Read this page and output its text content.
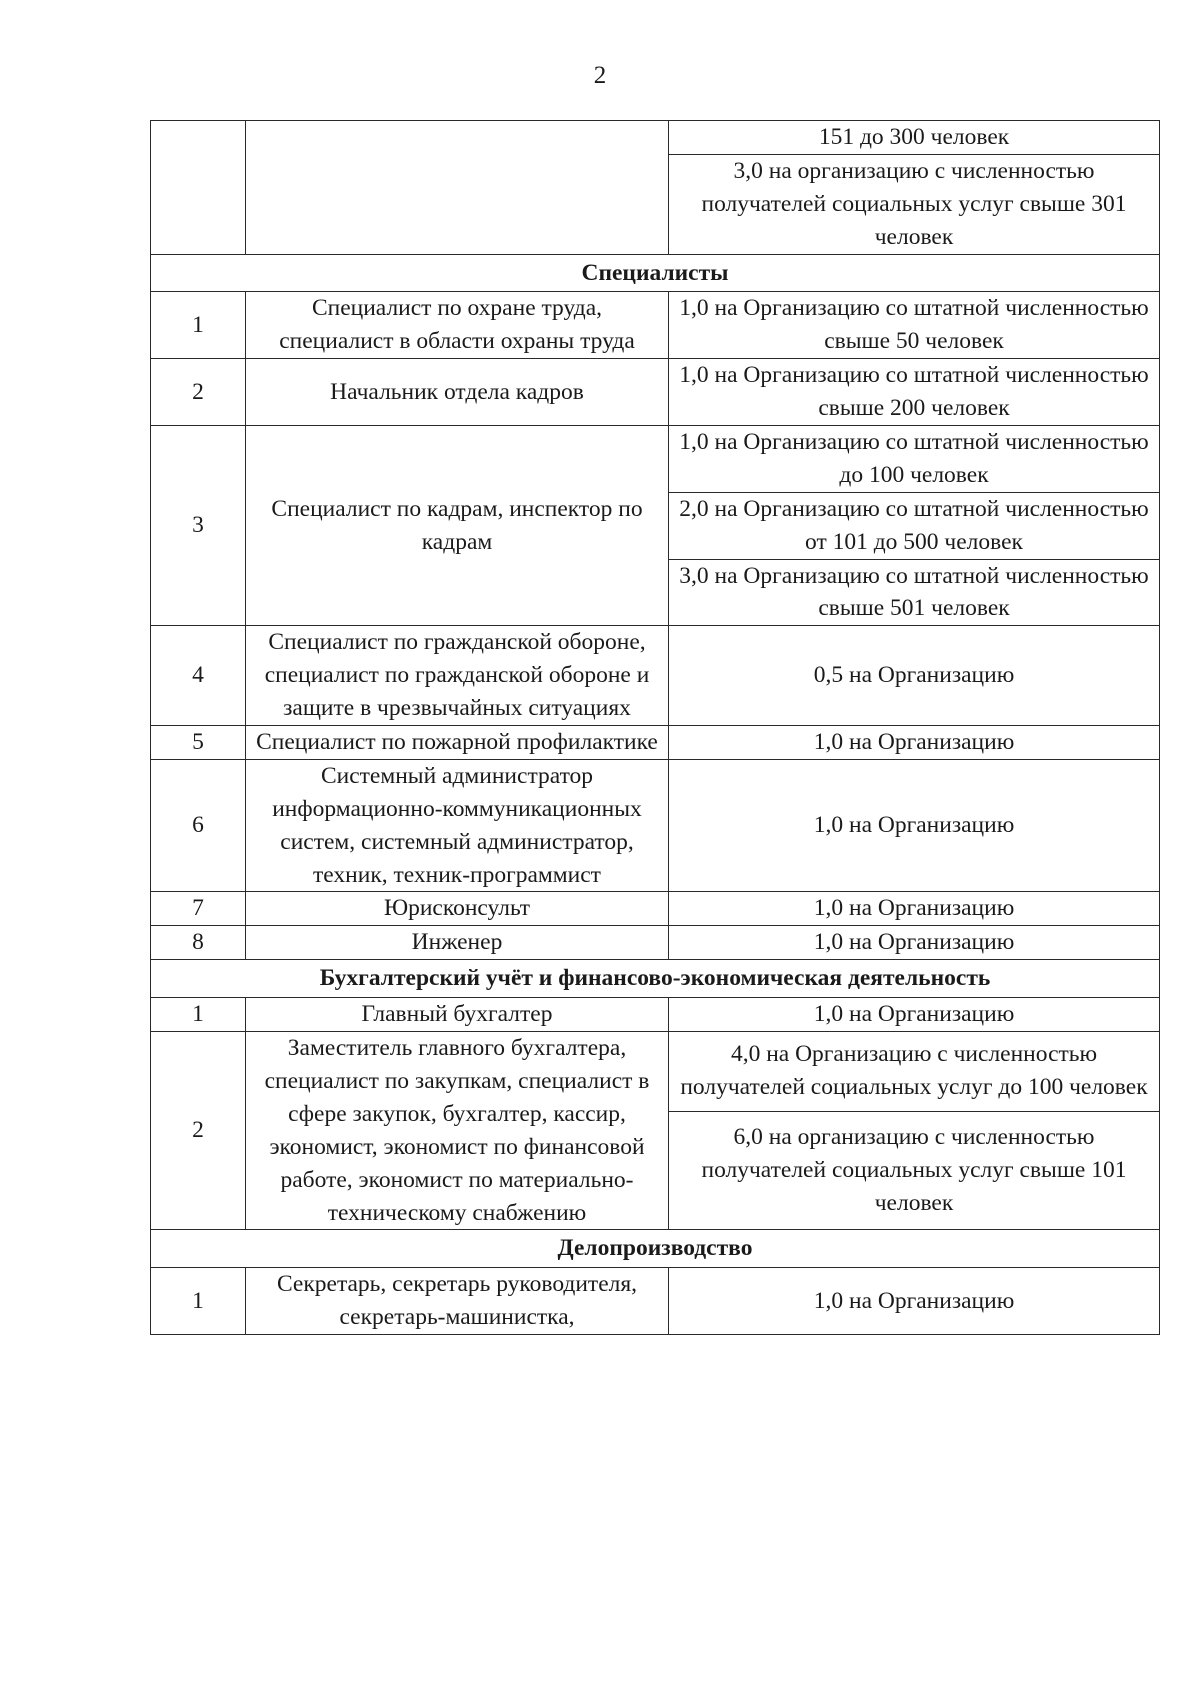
2
		151 до 300 человек
		3,0 на организацию с численностью получателей социальных услуг свыше 301 человек
Специалисты		
1	Специалист по охране труда, специалист в области охраны труда	1,0 на Организацию со штатной численностью свыше 50 человек
2	Начальник отдела кадров	1,0 на Организацию со штатной численностью свыше 200 человек
3	Специалист по кадрам, инспектор по кадрам	1,0 на Организацию со штатной численностью до 100 человек
		2,0 на Организацию со штатной численностью от 101 до 500 человек
		3,0 на Организацию со штатной численностью свыше 501 человек
4	Специалист по гражданской обороне, специалист по гражданской обороне и защите в чрезвычайных ситуациях	0,5 на Организацию
5	Специалист по пожарной профилактике	1,0 на Организацию
6	Системный администратор информационно-коммуникационных систем, системный администратор, техник, техник-программист	1,0 на Организацию
7	Юрисконсульт	1,0 на Организацию
8	Инженер	1,0 на Организацию
Бухгалтерский учёт и финансово-экономическая деятельность		
1	Главный бухгалтер	1,0 на Организацию
2	Заместитель главного бухгалтера, специалист по закупкам, специалист в сфере закупок, бухгалтер, кассир, экономист, экономист по финансовой работе, экономист по материально-техническому снабжению	4,0 на Организацию с численностью получателей социальных услуг до 100 человек
		6,0 на организацию с численностью получателей социальных услуг свыше 101 человек
Делопроизводство		
1	Секретарь, секретарь руководителя, секретарь-машинистка,	1,0 на Организацию
